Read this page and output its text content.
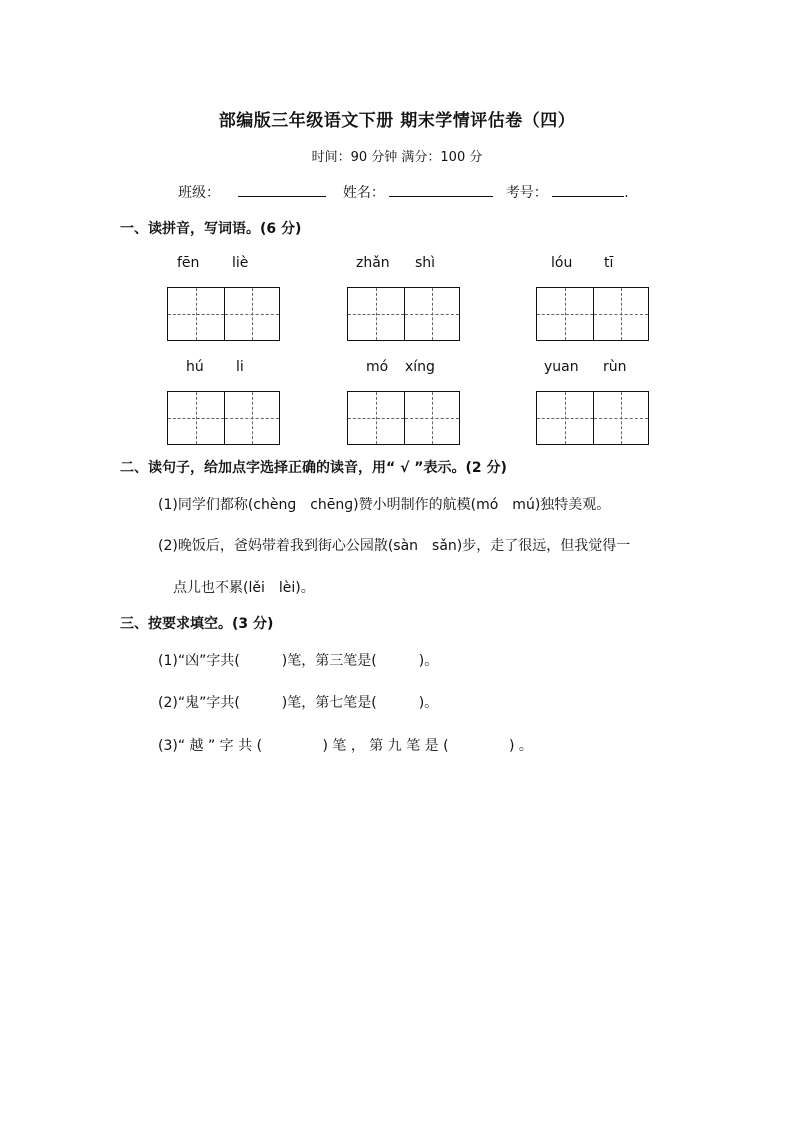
部编版三年级语文下册 期末学情评估卷（四）
时间：90 分钟 满分：100 分
班级：	姓名：	考号：	.
一、读拼音，写词语。(6 分)
fēn liè	zhǎn shì	lóu tī
hú li	mó xíng	yuan rùn
二、读句子，给加点字选择正确的读音，用“ √ ”表示。(2 分)
(1)同学们都称(chènɡ　chēnɡ)赞小明制作的航模(mó　mú)独特美观。
(2)晚饭后，爸妈带着我到街心公园散(sàn　sǎn)步，走了很远，但我觉得一
点儿也不累(lěi　lèi)。
三、按要求填空。(3 分)
(1)“凶”字共(　　　)笔，第三笔是(　　　)。
(2)“鬼”字共(　　　)笔，第七笔是(　　　)。
(3)“ 越 ” 字 共 (　　　　 ) 笔 ， 第 九 笔 是 (　　　　 ) 。
